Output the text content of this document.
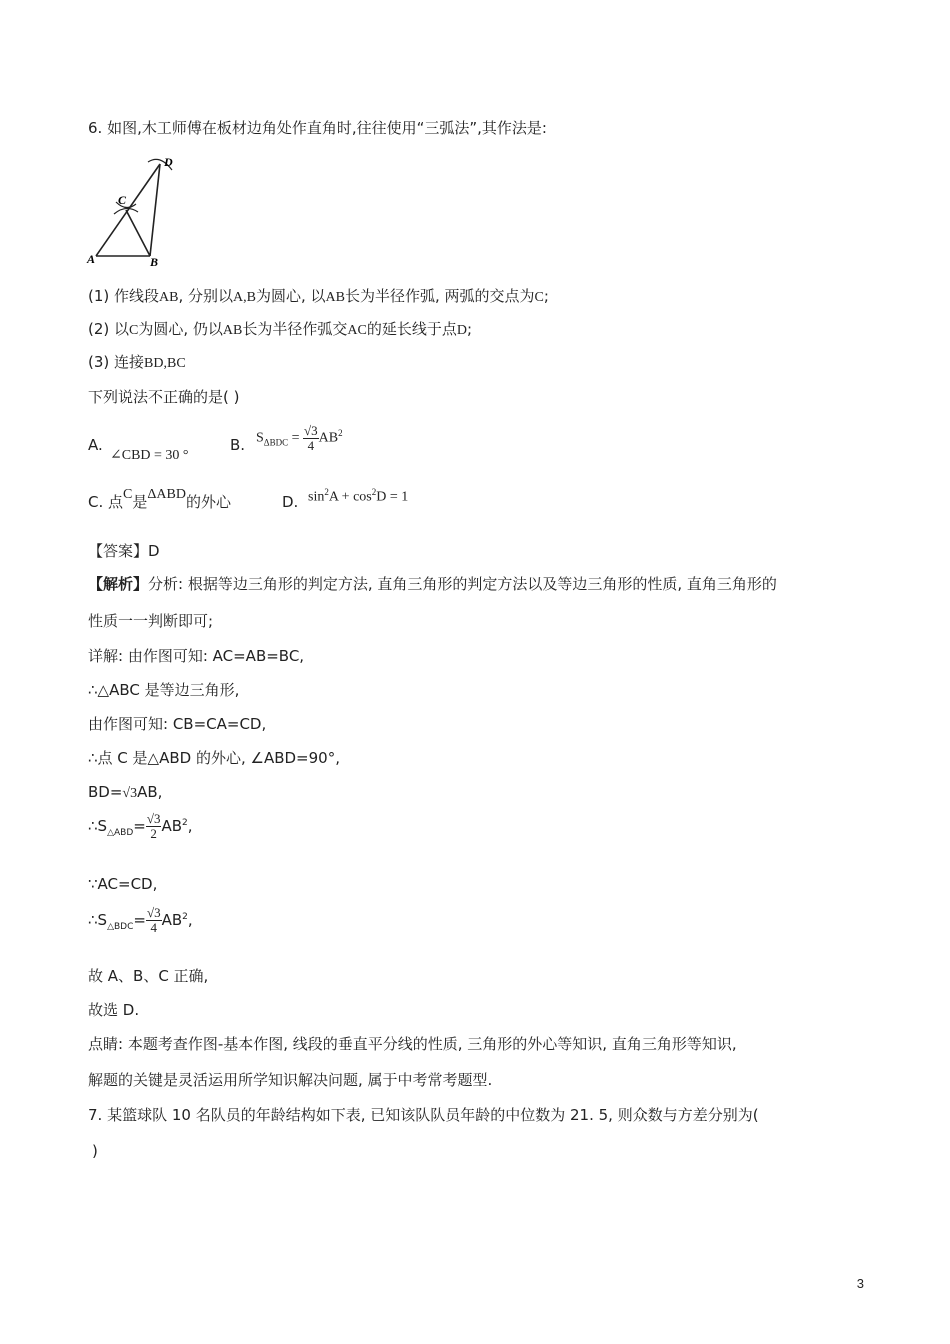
6. 如图,木工师傅在板材边角处作直角时,往往使用“三弧法”,其作法是:
A	B
C
D
(1) 作线段AB, 分别以A,B为圆心, 以AB长为半径作弧, 两弧的交点为C;
(2) 以C为圆心, 仍以AB长为半径作弧交AC的延长线于点D;
(3) 连接BD,BC
下列说法不正确的是( )
A.
∠CBD = 30 °
B. $S_{\Delta BDC} = \frac{√3}{4} AB^2$
C. 点C是ΔABD的外心	D. $\sin^2A + \cos^2D = 1$
【答案】D
【解析】分析: 根据等边三角形的判定方法, 直角三角形的判定方法以及等边三角形的性质, 直角三角形的
性质一一判断即可;
详解: 由作图可知: AC=AB=BC,
∴△ABC 是等边三角形,
由作图可知: CB=CA=CD,
∴点 C 是△ABD 的外心, ∠ABD=90°,
BD=√3AB,
$\therefore S_{\triangle ABD}= \frac{√3}{2} AB^2$,
∵AC=CD,
$\therefore S_{\triangle BDC}= \frac{√3}{4} AB^2$,
故 A、B、C 正确,
故选 D.
点睛: 本题考查作图-基本作图, 线段的垂直平分线的性质, 三角形的外心等知识, 直角三角形等知识,
解题的关键是灵活运用所学知识解决问题, 属于中考常考题型.
7. 某篮球队 10 名队员的年龄结构如下表, 已知该队队员年龄的中位数为 21. 5, 则众数与方差分别为(
)
3
